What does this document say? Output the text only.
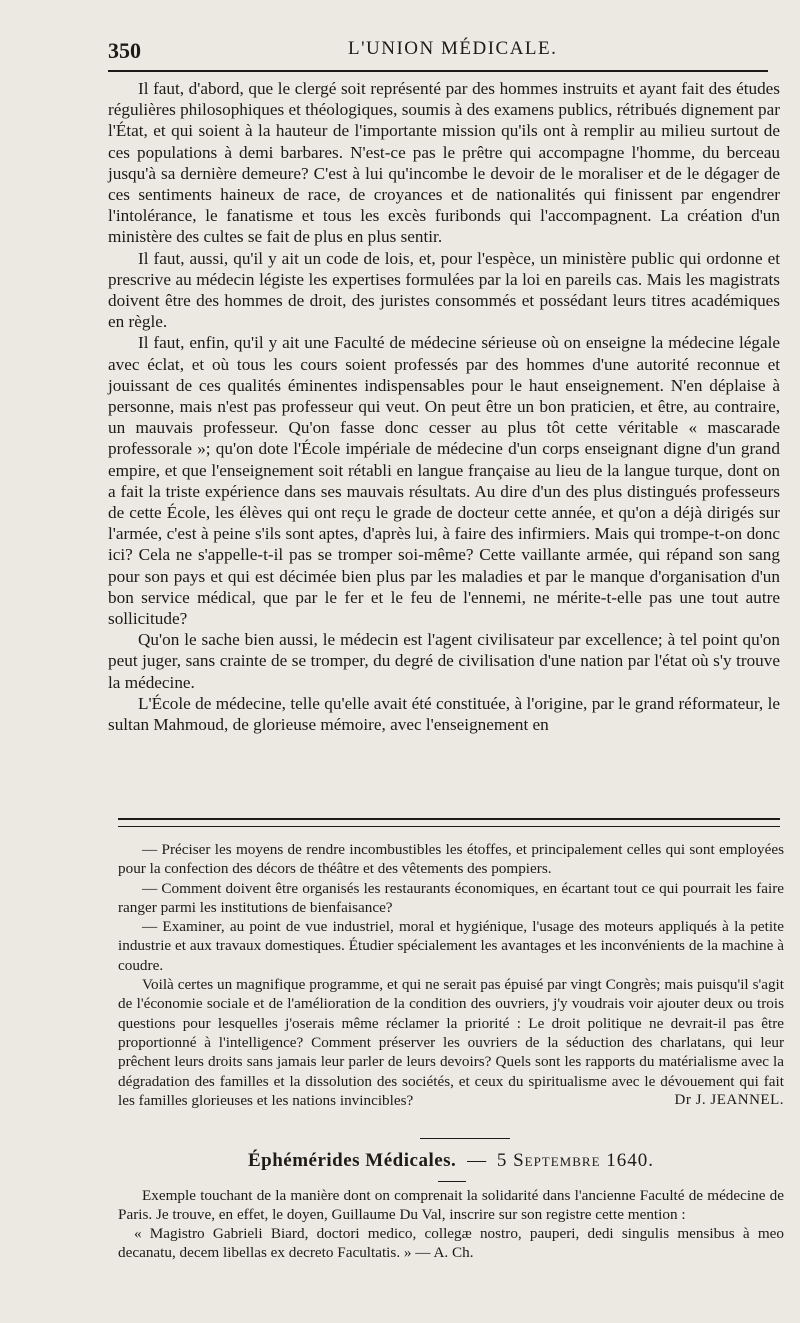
350	L'UNION MÉDICALE.

Il faut, d'abord, que le clergé soit représenté par des hommes instruits et ayant fait des études régulières philosophiques et théologiques, soumis à des examens publics, rétribués dignement par l'État, et qui soient à la hauteur de l'importante mission qu'ils ont à remplir au milieu surtout de ces populations à demi barbares. N'est-ce pas le prêtre qui accompagne l'homme, du berceau jusqu'à sa dernière demeure? C'est à lui qu'incombe le devoir de le moraliser et de le dégager de ces sentiments haineux de race, de croyances et de nationalités qui finissent par engendrer l'intolérance, le fanatisme et tous les excès furibonds qui l'accompagnent. La création d'un ministère des cultes se fait de plus en plus sentir.

Il faut, aussi, qu'il y ait un code de lois, et, pour l'espèce, un ministère public qui ordonne et prescrive au médecin légiste les expertises formulées par la loi en pareils cas. Mais les magistrats doivent être des hommes de droit, des juristes consommés et possédant leurs titres académiques en règle.

Il faut, enfin, qu'il y ait une Faculté de médecine sérieuse où on enseigne la médecine légale avec éclat, et où tous les cours soient professés par des hommes d'une autorité reconnue et jouissant de ces qualités éminentes indispensables pour le haut enseignement. N'en déplaise à personne, mais n'est pas professeur qui veut. On peut être un bon praticien, et être, au contraire, un mauvais professeur. Qu'on fasse donc cesser au plus tôt cette véritable « mascarade professorale »; qu'on dote l'École impériale de médecine d'un corps enseignant digne d'un grand empire, et que l'enseignement soit rétabli en langue française au lieu de la langue turque, dont on a fait la triste expérience dans ses mauvais résultats. Au dire d'un des plus distingués professeurs de cette École, les élèves qui ont reçu le grade de docteur cette année, et qu'on a déjà dirigés sur l'armée, c'est à peine s'ils sont aptes, d'après lui, à faire des infirmiers. Mais qui trompe-t-on donc ici? Cela ne s'appelle-t-il pas se tromper soi-même? Cette vaillante armée, qui répand son sang pour son pays et qui est décimée bien plus par les maladies et par le manque d'organisation d'un bon service médical, que par le fer et le feu de l'ennemi, ne mérite-t-elle pas une tout autre sollicitude?

Qu'on le sache bien aussi, le médecin est l'agent civilisateur par excellence; à tel point qu'on peut juger, sans crainte de se tromper, du degré de civilisation d'une nation par l'état où s'y trouve la médecine.

L'École de médecine, telle qu'elle avait été constituée, à l'origine, par le grand réformateur, le sultan Mahmoud, de glorieuse mémoire, avec l'enseignement en

— Préciser les moyens de rendre incombustibles les étoffes, et principalement celles qui sont employées pour la confection des décors de théâtre et des vêtements des pompiers.

— Comment doivent être organisés les restaurants économiques, en écartant tout ce qui pourrait les faire ranger parmi les institutions de bienfaisance?

— Examiner, au point de vue industriel, moral et hygiénique, l'usage des moteurs appliqués à la petite industrie et aux travaux domestiques. Étudier spécialement les avantages et les inconvénients de la machine à coudre.

Voilà certes un magnifique programme, et qui ne serait pas épuisé par vingt Congrès; mais puisqu'il s'agit de l'économie sociale et de l'amélioration de la condition des ouvriers, j'y voudrais voir ajouter deux ou trois questions pour lesquelles j'oserais même réclamer la priorité : Le droit politique ne devrait-il pas être proportionné à l'intelligence? Comment préserver les ouvriers de la séduction des charlatans, qui leur prêchent leurs droits sans jamais leur parler de leurs devoirs? Quels sont les rapports du matérialisme avec la dégradation des familles et la dissolution des sociétés, et ceux du spiritualisme avec le dévouement qui fait les familles glorieuses et les nations invincibles?	Dr J. JEANNEL.

Éphémérides Médicales. — 5 Septembre 1640.

Exemple touchant de la manière dont on comprenait la solidarité dans l'ancienne Faculté de médecine de Paris. Je trouve, en effet, le doyen, Guillaume Du Val, inscrire sur son registre cette mention :

« Magistro Gabrieli Biard, doctori medico, collegæ nostro, pauperi, dedi singulis mensibus à meo decanatu, decem libellas ex decreto Facultatis. » — A. Ch.
